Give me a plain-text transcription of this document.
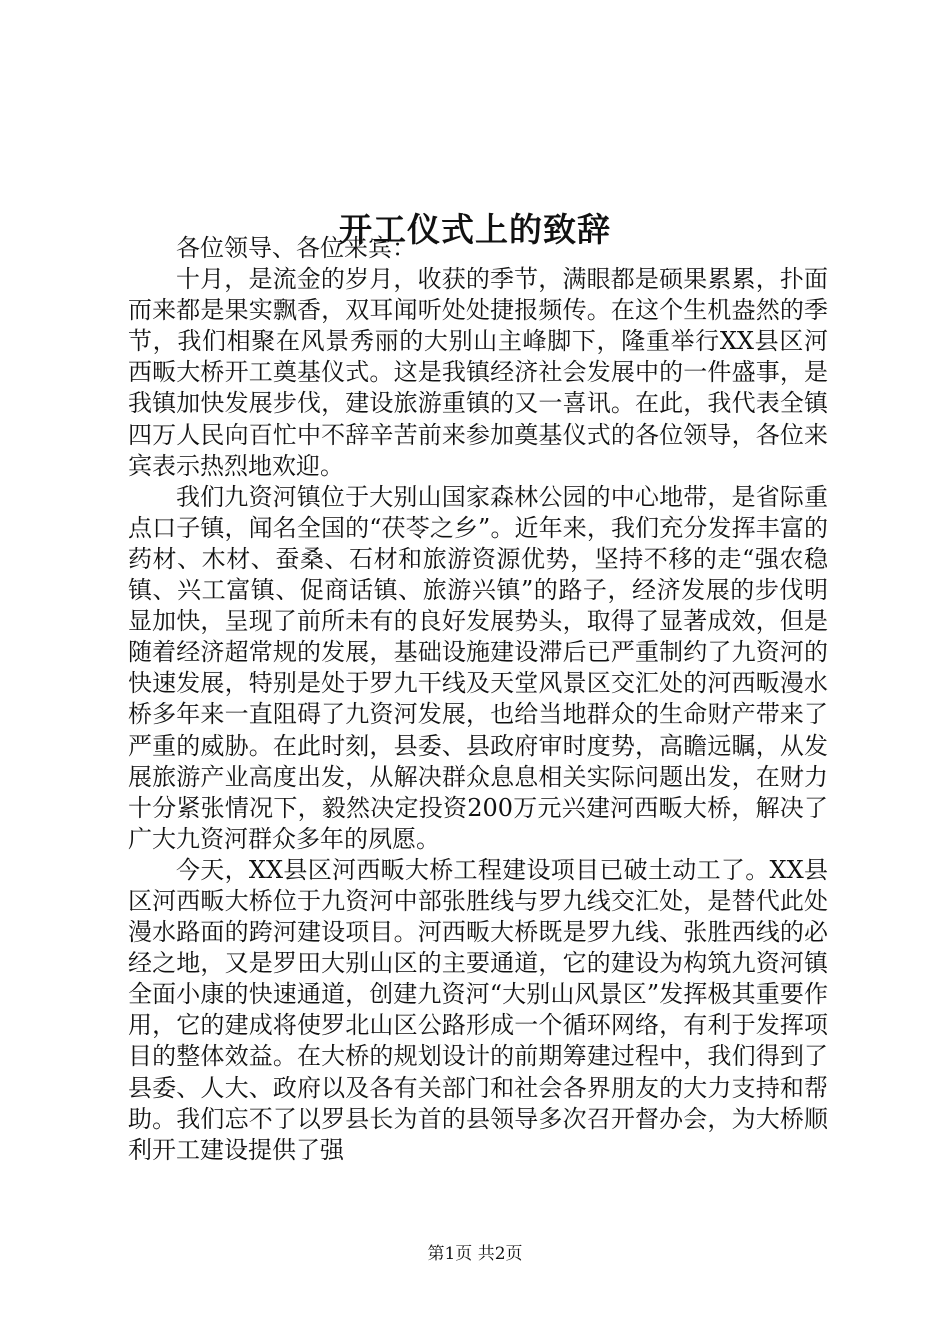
开工仪式上的致辞

各位领导、各位来宾：

十月，是流金的岁月，收获的季节，满眼都是硕果累累，扑面而来都是果实飘香，双耳闻听处处捷报频传。在这个生机盎然的季节，我们相聚在风景秀丽的大别山主峰脚下，隆重举行XX县区河西畈大桥开工奠基仪式。这是我镇经济社会发展中的一件盛事，是我镇加快发展步伐，建设旅游重镇的又一喜讯。在此，我代表全镇四万人民向百忙中不辞辛苦前来参加奠基仪式的各位领导，各位来宾表示热烈地欢迎。

我们九资河镇位于大别山国家森林公园的中心地带，是省际重点口子镇，闻名全国的“茯苓之乡”。近年来，我们充分发挥丰富的药材、木材、蚕桑、石材和旅游资源优势，坚持不移的走“强农稳镇、兴工富镇、促商话镇、旅游兴镇”的路子，经济发展的步伐明显加快，呈现了前所未有的良好发展势头，取得了显著成效，但是随着经济超常规的发展，基础设施建设滞后已严重制约了九资河的快速发展，特别是处于罗九干线及天堂风景区交汇处的河西畈漫水桥多年来一直阻碍了九资河发展，也给当地群众的生命财产带来了严重的威胁。在此时刻，县委、县政府审时度势，高瞻远瞩，从发展旅游产业高度出发，从解决群众息息相关实际问题出发，在财力十分紧张情况下，毅然决定投资200万元兴建河西畈大桥，解决了广大九资河群众多年的夙愿。

今天，XX县区河西畈大桥工程建设项目已破土动工了。XX县区河西畈大桥位于九资河中部张胜线与罗九线交汇处，是替代此处漫水路面的跨河建设项目。河西畈大桥既是罗九线、张胜西线的必经之地，又是罗田大别山区的主要通道，它的建设为构筑九资河镇全面小康的快速通道，创建九资河“大别山风景区”发挥极其重要作用，它的建成将使罗北山区公路形成一个循环网络，有利于发挥项目的整体效益。在大桥的规划设计的前期筹建过程中，我们得到了县委、人大、政府以及各有关部门和社会各界朋友的大力支持和帮助。我们忘不了以罗县长为首的县领导多次召开督办会，为大桥顺利开工建设提供了强

第1页 共2页
